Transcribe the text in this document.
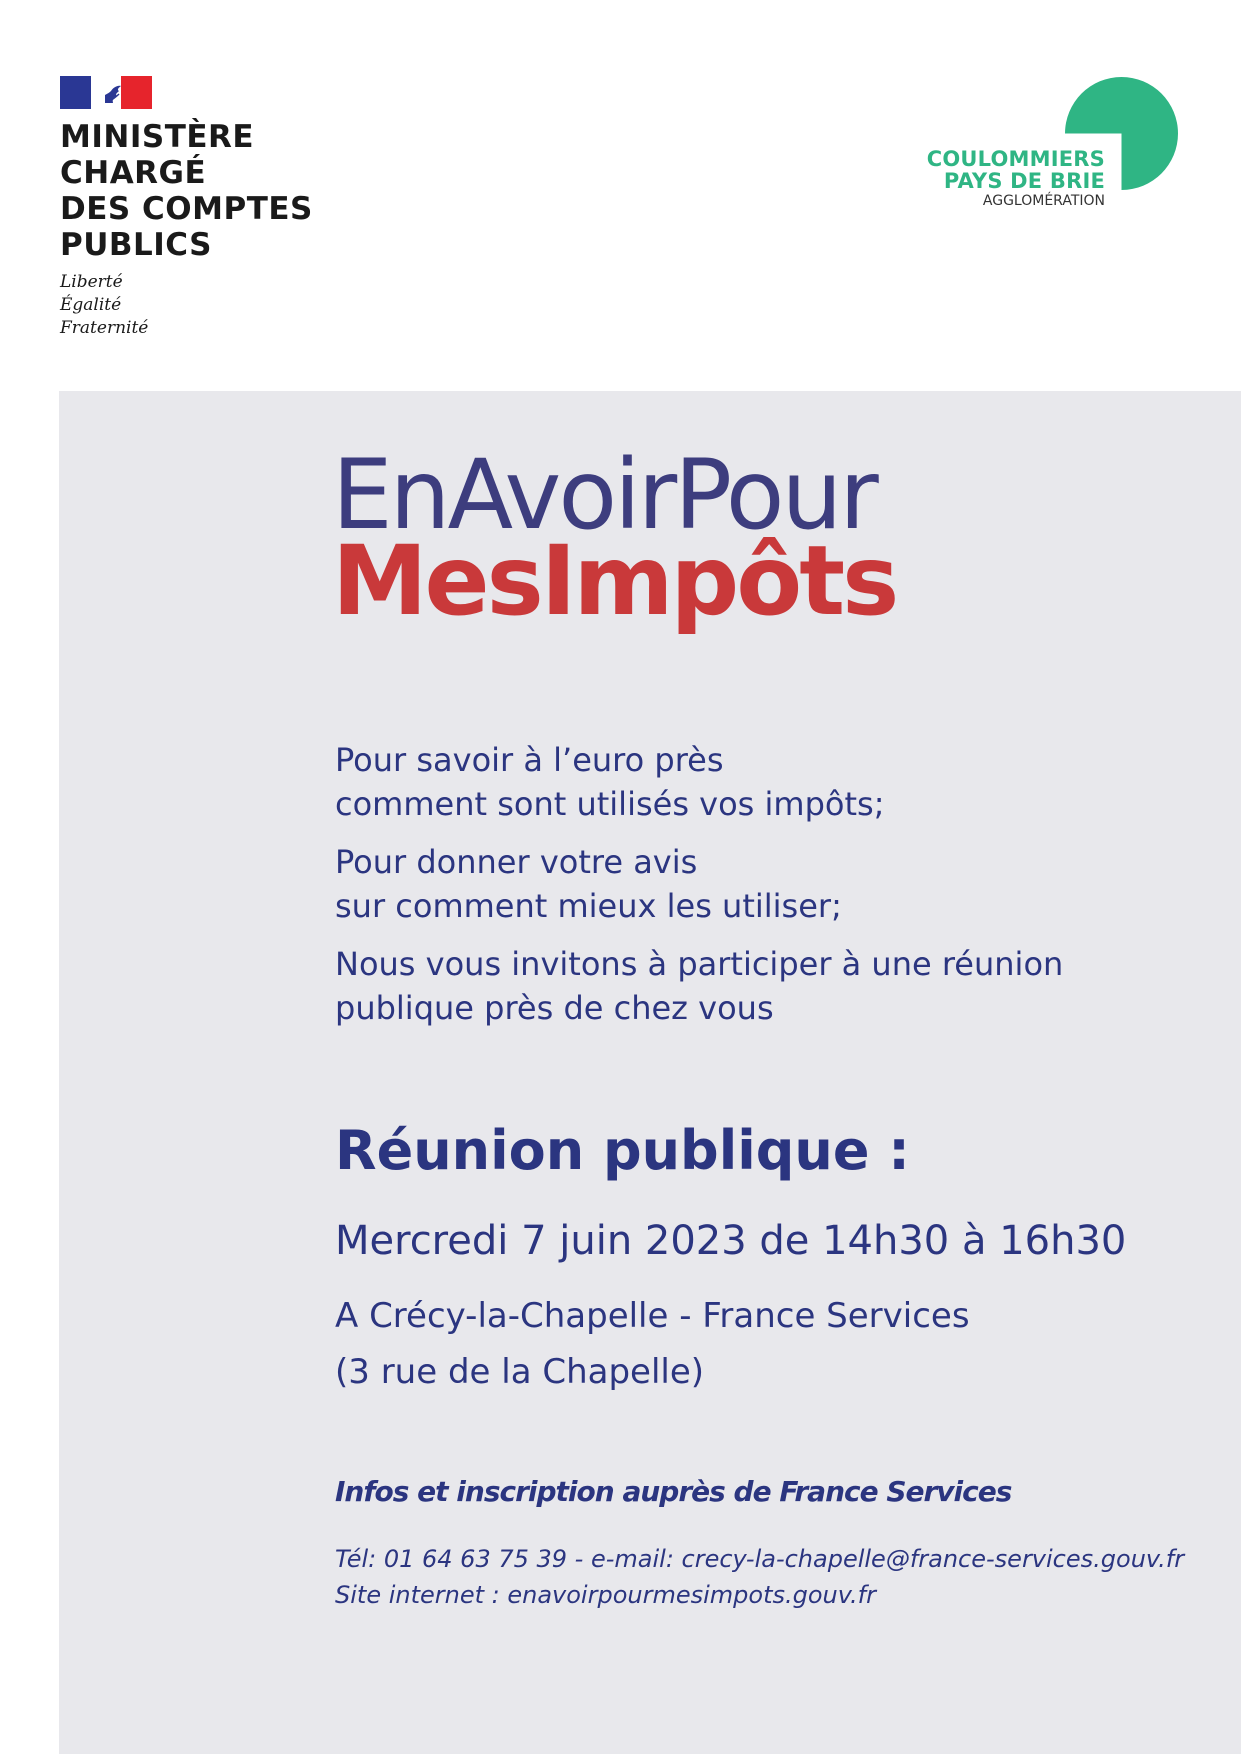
MINISTÈRE
CHARGÉ
DES COMPTES
PUBLICS
Liberté
Égalité
Fraternité
COULOMMIERS
PAYS DE BRIE
AGGLOMÉRATION
EnAvoirPour
MesImpôts

Pour savoir à l’euro près
comment sont utilisés vos impôts;

Pour donner votre avis
sur comment mieux les utiliser;

Nous vous invitons à participer à une réunion
publique près de chez vous

Réunion publique :
Mercredi 7 juin 2023 de 14h30 à 16h30
A Crécy-la-Chapelle - France Services
(3 rue de la Chapelle)
Infos et inscription auprès de France Services
Tél: 01 64 63 75 39 - e-mail: crecy-la-chapelle@france-services.gouv.fr
Site internet : enavoirpourmesimpots.gouv.fr
